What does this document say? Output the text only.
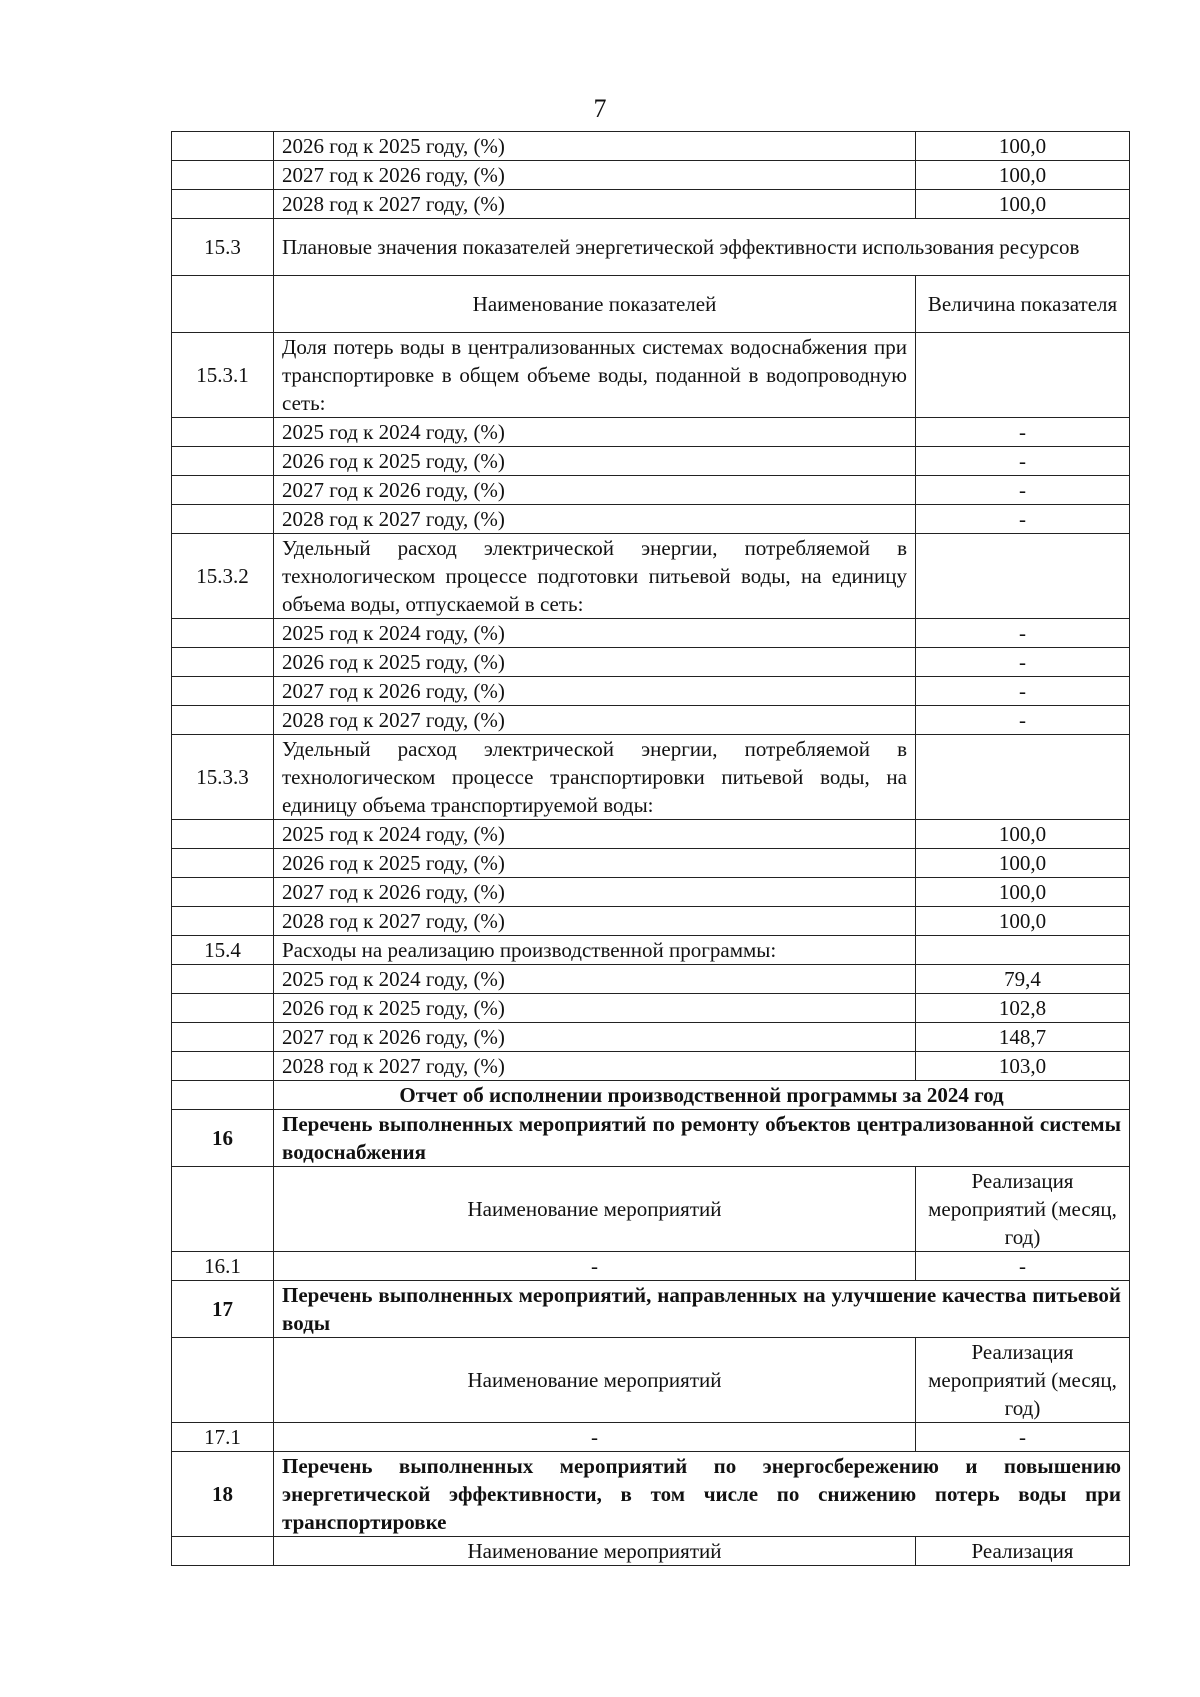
7
	2026 год к 2025 году, (%)	100,0
	2027 год к 2026 году, (%)	100,0
	2028 год к 2027 году, (%)	100,0
15.3	Плановые значения показателей энергетической эффективности использования ресурсов	
	Наименование показателей	Величина показателя
15.3.1	Доля потерь воды в централизованных системах водоснабжения при транспортировке в общем объеме воды, поданной в водопроводную сеть:	
	2025 год к 2024 году, (%)	-
	2026 год к 2025 году, (%)	-
	2027 год к 2026 году, (%)	-
	2028 год к 2027 году, (%)	-
15.3.2	Удельный расход электрической энергии, потребляемой в технологическом процессе подготовки питьевой воды, на единицу объема воды, отпускаемой в сеть:	
	2025 год к 2024 году, (%)	-
	2026 год к 2025 году, (%)	-
	2027 год к 2026 году, (%)	-
	2028 год к 2027 году, (%)	-
15.3.3	Удельный расход электрической энергии, потребляемой в технологическом процессе транспортировки питьевой воды, на единицу объема транспортируемой воды:	
	2025 год к 2024 году, (%)	100,0
	2026 год к 2025 году, (%)	100,0
	2027 год к 2026 году, (%)	100,0
	2028 год к 2027 году, (%)	100,0
15.4	Расходы на реализацию производственной программы:	
	2025 год к 2024 году, (%)	79,4
	2026 год к 2025 году, (%)	102,8
	2027 год к 2026 году, (%)	148,7
	2028 год к 2027 году, (%)	103,0
	Отчет об исполнении производственной программы за 2024 год	
16	Перечень выполненных мероприятий по ремонту объектов централизованной системы водоснабжения	
	Наименование мероприятий	Реализация мероприятий (месяц, год)
16.1	-	-
17	Перечень выполненных мероприятий, направленных на улучшение качества питьевой воды	
	Наименование мероприятий	Реализация мероприятий (месяц, год)
17.1	-	-
18	Перечень выполненных мероприятий по энергосбережению и повышению энергетической эффективности, в том числе по снижению потерь воды при транспортировке	
	Наименование мероприятий	Реализация
